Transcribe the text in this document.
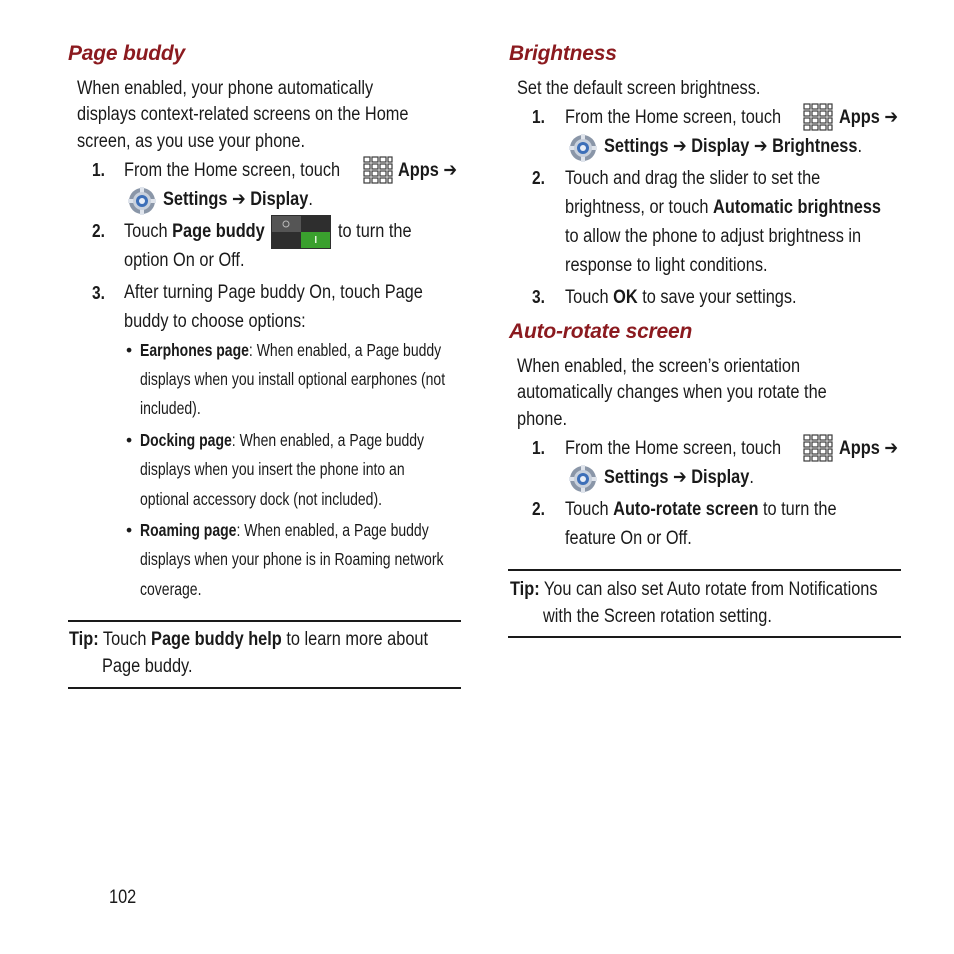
Page buddy
When enabled, your phone automatically
displays context-related screens on the Home
screen, as you use your phone.
1. From the Home screen, touch	Apps ➔
Settings ➔ Display.
2. Touch Page buddy	to turn the
option On or Off.
3. After turning Page buddy On, touch Page
buddy to choose options:
• Earphones page: When enabled, a Page buddy
displays when you install optional earphones (not
included).
• Docking page: When enabled, a Page buddy
displays when you insert the phone into an
optional accessory dock (not included).
• Roaming page: When enabled, a Page buddy
displays when your phone is in Roaming network
coverage.
Tip: Touch Page buddy help to learn more about
Page buddy.
Brightness
Set the default screen brightness.
1. From the Home screen, touch	Apps ➔
Settings ➔ Display ➔ Brightness.
2. Touch and drag the slider to set the
brightness, or touch Automatic brightness
to allow the phone to adjust brightness in
response to light conditions.
3. Touch OK to save your settings.
Auto-rotate screen
When enabled, the screen’s orientation
automatically changes when you rotate the
phone.
1. From the Home screen, touch	Apps ➔
Settings ➔ Display.
2. Touch Auto-rotate screen to turn the
feature On or Off.
Tip: You can also set Auto rotate from Notifications
with the Screen rotation setting.
102
